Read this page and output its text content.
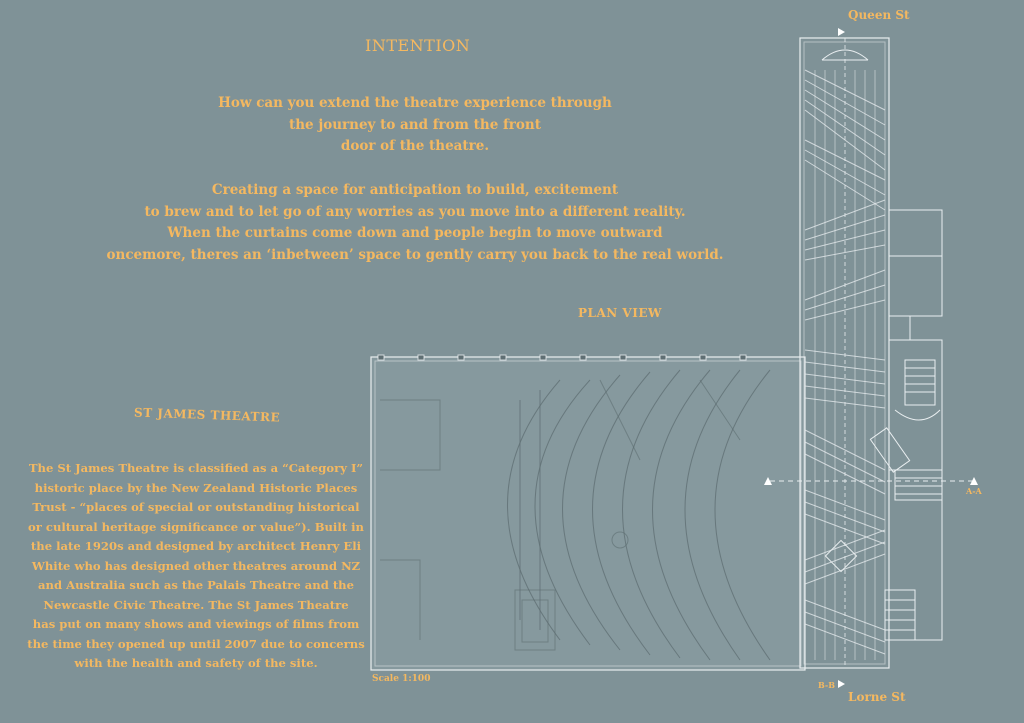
INTENTION
How can you extend the theatre experience through
the journey to and from the front
door of the theatre.
Creating a space for anticipation to build, excitement
to brew and to let go of any worries as you move into a different reality.
When the curtains come down and people begin to move outward
oncemore, theres an ‘inbetween’ space to gently carry you back to the real world.
PLAN VIEW
ST JAMES THEATRE
The St James Theatre is classified as a “Category I”
historic place by the New Zealand Historic Places
Trust - “places of special or outstanding historical
or cultural heritage significance or value”). Built in
the late 1920s and designed by architect Henry Eli
White who has designed other theatres around NZ
and Australia such as the Palais Theatre and the
Newcastle Civic Theatre. The St James Theatre
has put on many shows and viewings of films from
the time they opened up until 2007 due to concerns
with the health and safety of the site.
Queen St
Lorne St
Scale 1:100
A-A
B-B
